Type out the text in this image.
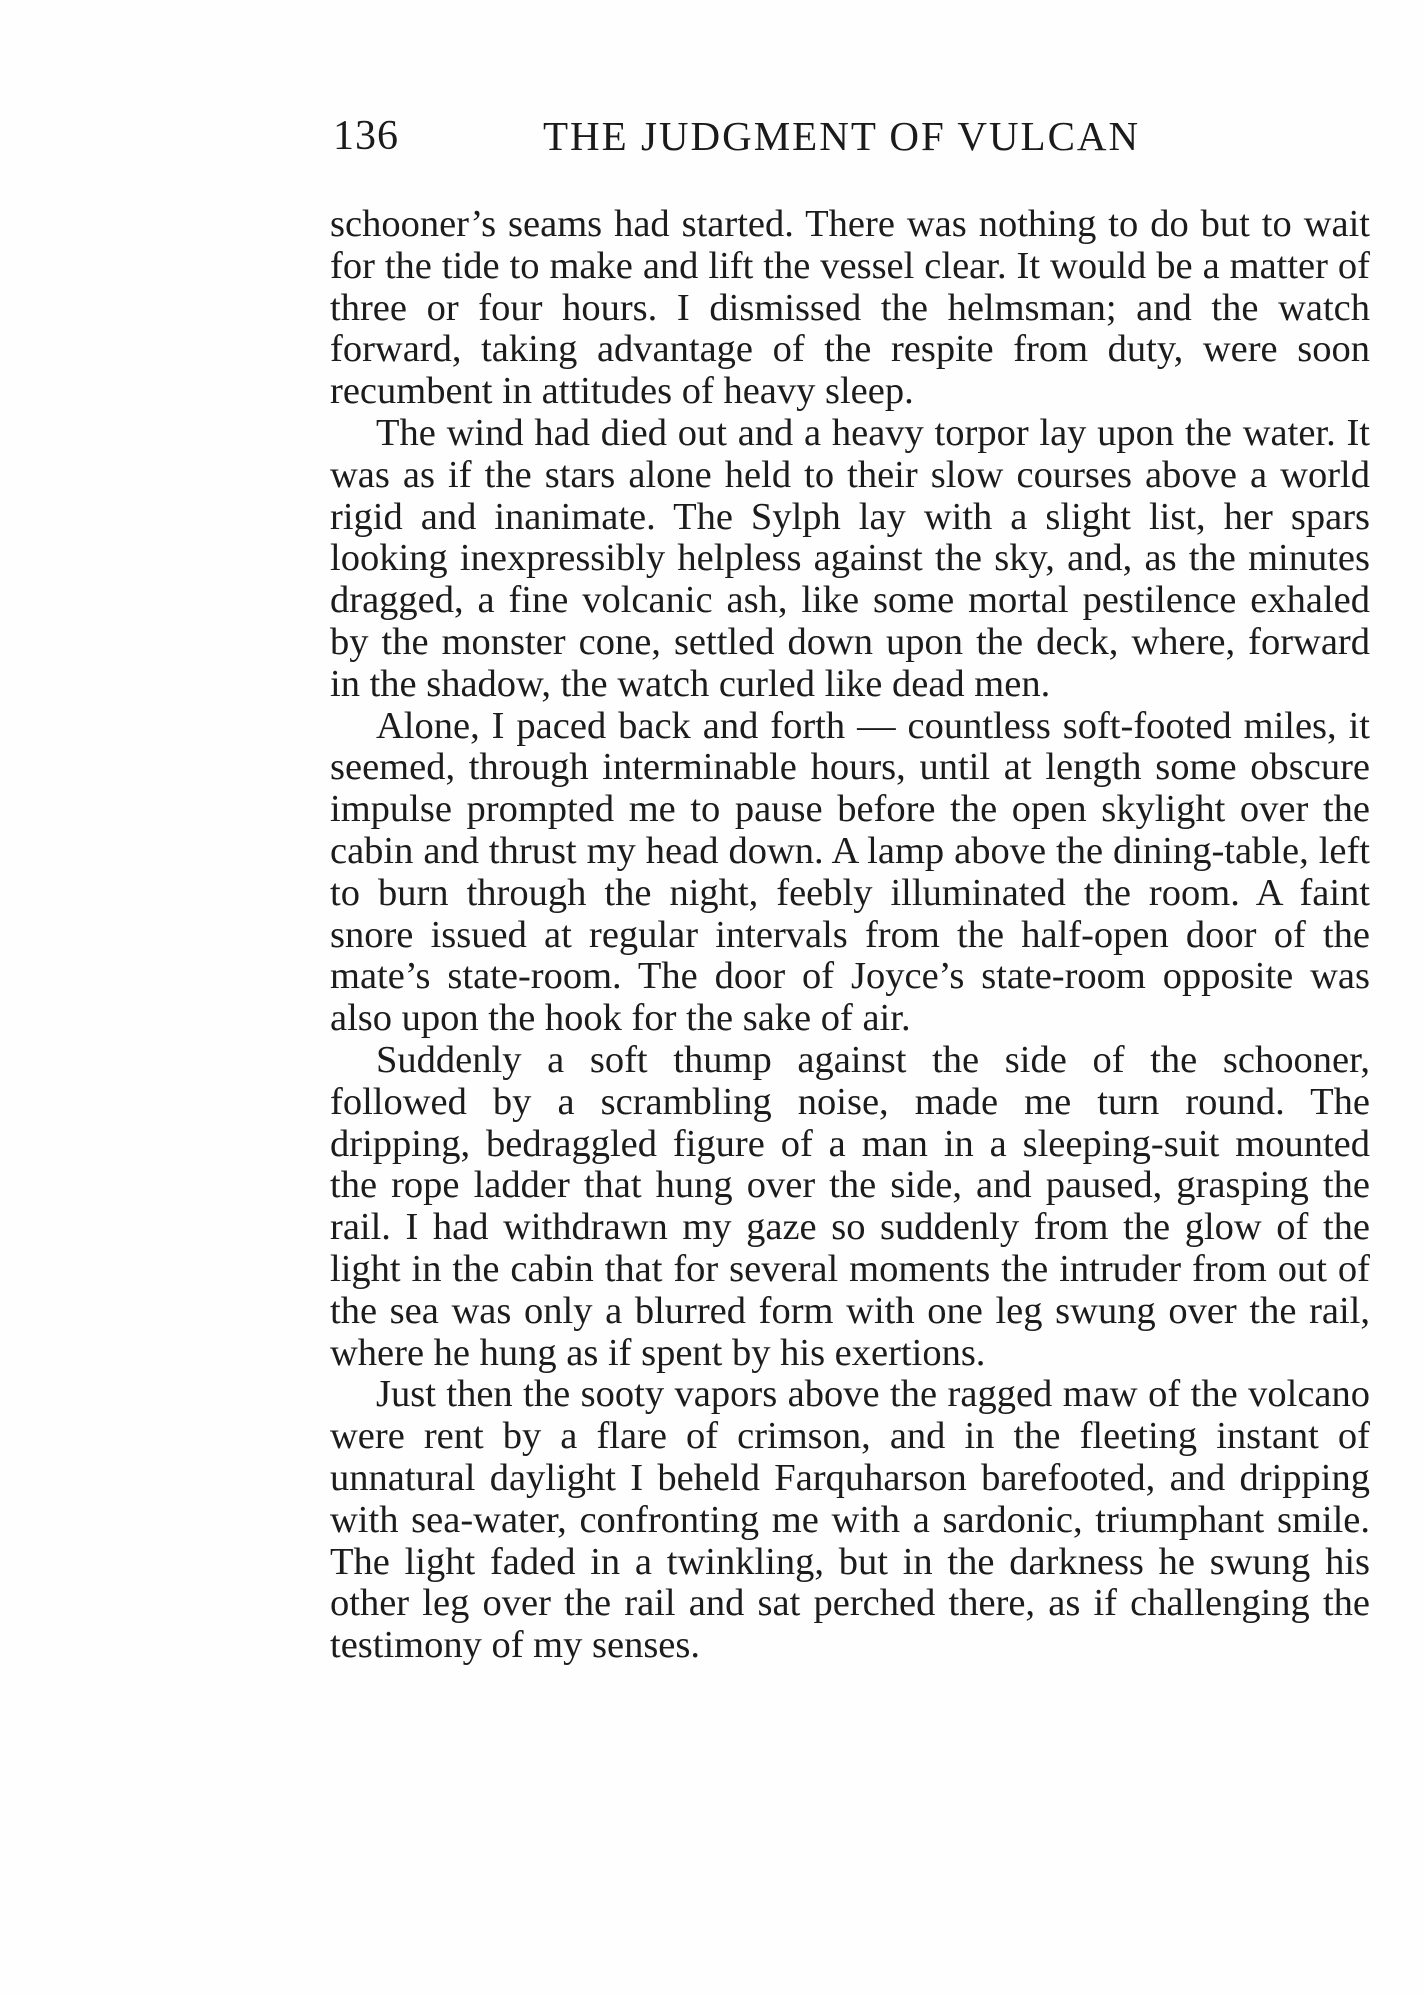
136	THE JUDGMENT OF VULCAN

schooner’s seams had started. There was nothing to do but to wait for the tide to make and lift the vessel clear. It would be a matter of three or four hours. I dismissed the helmsman; and the watch forward, taking advantage of the respite from duty, were soon recumbent in attitudes of heavy sleep.

The wind had died out and a heavy torpor lay upon the water. It was as if the stars alone held to their slow courses above a world rigid and inanimate. The Sylph lay with a slight list, her spars looking inexpressibly helpless against the sky, and, as the minutes dragged, a fine volcanic ash, like some mortal pestilence exhaled by the monster cone, settled down upon the deck, where, forward in the shadow, the watch curled like dead men.

Alone, I paced back and forth — countless soft-footed miles, it seemed, through interminable hours, until at length some obscure impulse prompted me to pause before the open skylight over the cabin and thrust my head down. A lamp above the dining-table, left to burn through the night, feebly illuminated the room. A faint snore issued at regular intervals from the half-open door of the mate’s state-room. The door of Joyce’s state-room opposite was also upon the hook for the sake of air.

Suddenly a soft thump against the side of the schooner, followed by a scrambling noise, made me turn round. The dripping, bedraggled figure of a man in a sleeping-suit mounted the rope ladder that hung over the side, and paused, grasping the rail. I had withdrawn my gaze so suddenly from the glow of the light in the cabin that for several moments the intruder from out of the sea was only a blurred form with one leg swung over the rail, where he hung as if spent by his exertions.

Just then the sooty vapors above the ragged maw of the volcano were rent by a flare of crimson, and in the fleeting instant of unnatural daylight I beheld Farquharson barefooted, and dripping with sea-water, confronting me with a sardonic, triumphant smile. The light faded in a twinkling, but in the darkness he swung his other leg over the rail and sat perched there, as if challenging the testimony of my senses.
